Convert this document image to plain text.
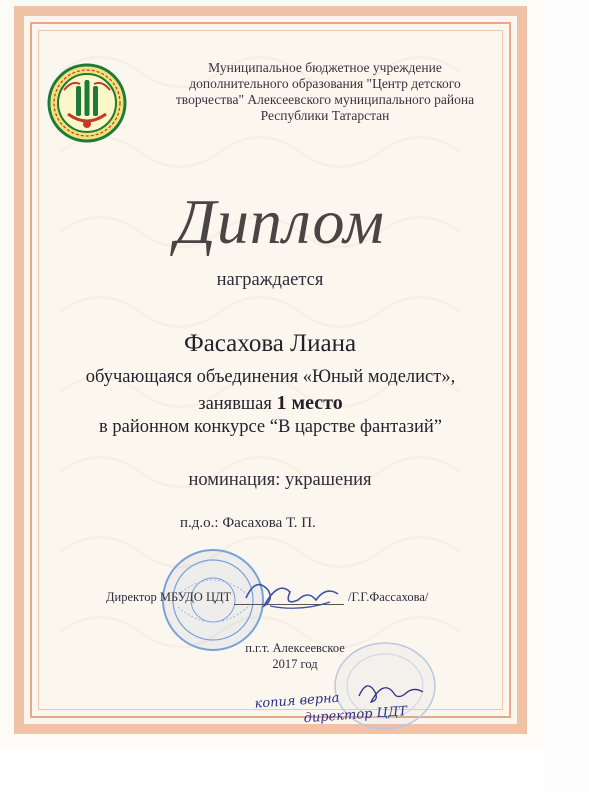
Муниципальное бюджетное учреждение
дополнительного образования "Центр детского
творчества" Алексеевского муниципального района
Республики Татарстан
Диплом
награждается
Фасахова Лиана
обучающаяся объединения «Юный моделист»,
занявшая 1 место
в районном конкурсе “В царстве фантазий”
номинация: украшения
п.д.о.: Фасахова Т. П.
Директор МБУДО ЦДТ	/Г.Г.Фассахова/
п.г.т. Алексеевское
2017 год
копия верна
директор ЦДТ
